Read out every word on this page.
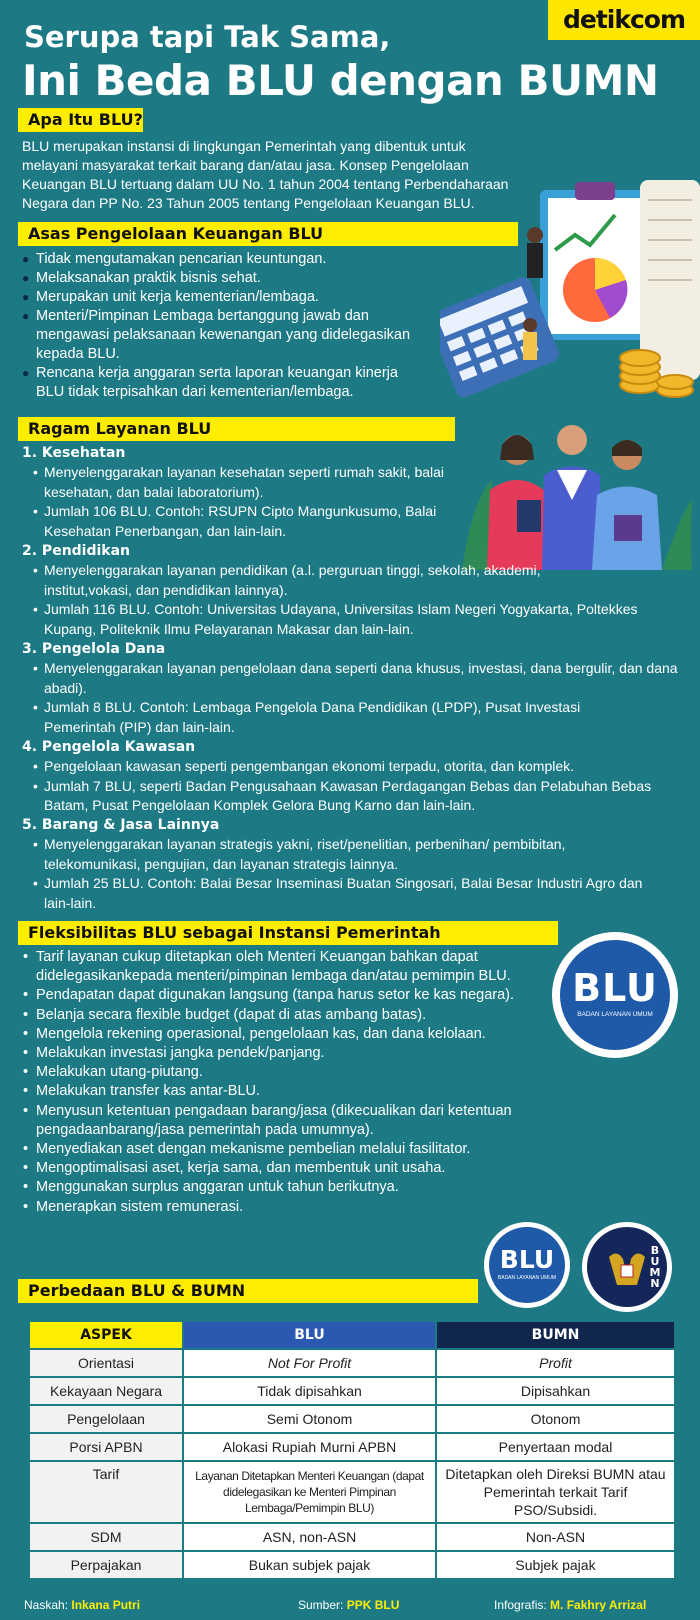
detikcom
Serupa tapi Tak Sama,
Ini Beda BLU dengan BUMN
Apa Itu BLU?
BLU merupakan instansi di lingkungan Pemerintah yang dibentuk untuk melayani masyarakat terkait barang dan/atau jasa. Konsep Pengelolaan Keuangan BLU tertuang dalam UU No. 1 tahun 2004 tentang Perbendaharaan Negara dan PP No. 23 Tahun 2005 tentang Pengelolaan Keuangan BLU.
Asas Pengelolaan Keuangan BLU
● Tidak mengutamakan pencarian keuntungan.
● Melaksanakan praktik bisnis sehat.
● Merupakan unit kerja kementerian/lembaga.
● Menteri/Pimpinan Lembaga bertanggung jawab dan mengawasi pelaksanaan kewenangan yang didelegasikan kepada BLU.
● Rencana kerja anggaran serta laporan keuangan kinerja BLU tidak terpisahkan dari kementerian/lembaga.
Ragam Layanan BLU
1. Kesehatan
• Menyelenggarakan layanan kesehatan seperti rumah sakit, balai kesehatan, dan balai laboratorium).
• Jumlah 106 BLU. Contoh: RSUPN Cipto Mangunkusumo, Balai Kesehatan Penerbangan, dan lain-lain.
2. Pendidikan
• Menyelenggarakan layanan pendidikan (a.l. perguruan tinggi, sekolah, akademi, institut,vokasi, dan pendidikan lainnya).
• Jumlah 116 BLU. Contoh: Universitas Udayana, Universitas Islam Negeri Yogyakarta, Poltekkes Kupang, Politeknik Ilmu Pelayaranan Makasar dan lain-lain.
3. Pengelola Dana
• Menyelenggarakan layanan pengelolaan dana seperti dana khusus, investasi, dana bergulir, dan dana abadi).
• Jumlah 8 BLU. Contoh: Lembaga Pengelola Dana Pendidikan (LPDP), Pusat Investasi Pemerintah (PIP) dan lain-lain.
4. Pengelola Kawasan
• Pengelolaan kawasan seperti pengembangan ekonomi terpadu, otorita, dan komplek.
• Jumlah 7 BLU, seperti Badan Pengusahaan Kawasan Perdagangan Bebas dan Pelabuhan Bebas Batam, Pusat Pengelolaan Komplek Gelora Bung Karno dan lain-lain.
5. Barang & Jasa Lainnya
• Menyelenggarakan layanan strategis yakni, riset/penelitian, perbenihan/ pembibitan, telekomunikasi, pengujian, dan layanan strategis lainnya.
• Jumlah 25 BLU. Contoh: Balai Besar Inseminasi Buatan Singosari, Balai Besar Industri Agro dan lain-lain.
Fleksibilitas BLU sebagai Instansi Pemerintah
BLU
BADAN LAYANAN UMUM
• Tarif layanan cukup ditetapkan oleh Menteri Keuangan bahkan dapat didelegasikankepada menteri/pimpinan lembaga dan/atau pemimpin BLU.
• Pendapatan dapat digunakan langsung (tanpa harus setor ke kas negara).
• Belanja secara flexible budget (dapat di atas ambang batas).
• Mengelola rekening operasional, pengelolaan kas, dan dana kelolaan.
• Melakukan investasi jangka pendek/panjang.
• Melakukan utang-piutang.
• Melakukan transfer kas antar-BLU.
• Menyusun ketentuan pengadaan barang/jasa (dikecualikan dari ketentuan pengadaanbarang/jasa pemerintah pada umumnya).
• Menyediakan aset dengan mekanisme pembelian melalui fasilitator.
• Mengoptimalisasi aset, kerja sama, dan membentuk unit usaha.
• Menggunakan surplus anggaran untuk tahun berikutnya.
• Menerapkan sistem remunerasi.
BLU
BADAN LAYANAN UMUM
BUMN
Perbedaan BLU & BUMN
ASPEK	BLU	BUMN
Orientasi	Not For Profit	Profit
Kekayaan Negara	Tidak dipisahkan	Dipisahkan
Pengelolaan	Semi Otonom	Otonom
Porsi APBN	Alokasi Rupiah Murni APBN	Penyertaan modal
Tarif	Layanan Ditetapkan Menteri Keuangan (dapat didelegasikan ke Menteri Pimpinan Lembaga/Pemimpin BLU)	Ditetapkan oleh Direksi BUMN atau Pemerintah terkait Tarif PSO/Subsidi.
SDM	ASN, non-ASN	Non-ASN
Perpajakan	Bukan subjek pajak	Subjek pajak
Naskah: Inkana Putri	Sumber: PPK BLU	Infografis: M. Fakhry Arrizal
